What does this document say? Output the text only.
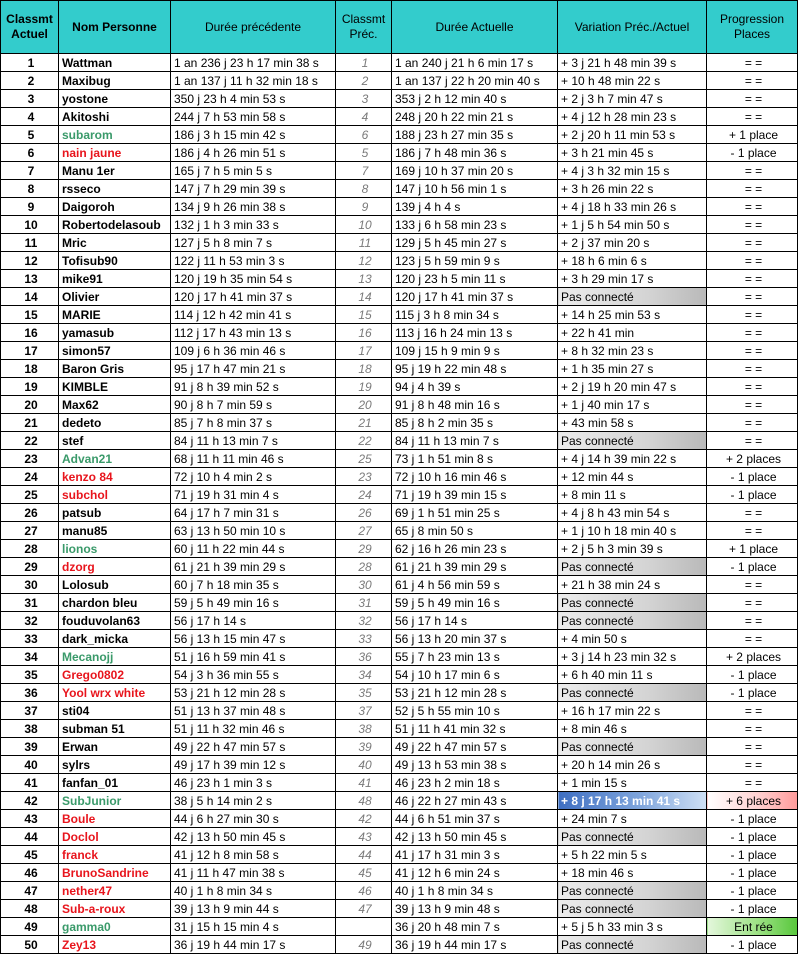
Classmt Actuel	Nom Personne	Durée précédente	Classmt Préc.	Durée Actuelle	Variation Préc./Actuel	Progression Places
1	Wattman	1 an 236 j 23 h 17 min 38 s	1	1 an 240 j 21 h 6 min 17 s	+ 3 j 21 h 48 min 39 s	= =
2	Maxibug	1 an 137 j 11 h 32 min 18 s	2	1 an 137 j 22 h 20 min 40 s	+ 10 h 48 min 22 s	= =
3	yostone	350 j 23 h 4 min 53 s	3	353 j 2 h 12 min 40 s	+ 2 j 3 h 7 min 47 s	= =
4	Akitoshi	244 j 7 h 53 min 58 s	4	248 j 20 h 22 min 21 s	+ 4 j 12 h 28 min 23 s	= =
5	subarom	186 j 3 h 15 min 42 s	6	188 j 23 h 27 min 35 s	+ 2 j 20 h 11 min 53 s	+ 1 place
6	nain jaune	186 j 4 h 26 min 51 s	5	186 j 7 h 48 min 36 s	+ 3 h 21 min 45 s	- 1 place
7	Manu 1er	165 j 7 h 5 min 5 s	7	169 j 10 h 37 min 20 s	+ 4 j 3 h 32 min 15 s	= =
8	rsseco	147 j 7 h 29 min 39 s	8	147 j 10 h 56 min 1 s	+ 3 h 26 min 22 s	= =
9	Daigoroh	134 j 9 h 26 min 38 s	9	139 j 4 h 4 s	+ 4 j 18 h 33 min 26 s	= =
10	Robertodelasoub	132 j 1 h 3 min 33 s	10	133 j 6 h 58 min 23 s	+ 1 j 5 h 54 min 50 s	= =
11	Mric	127 j 5 h 8 min 7 s	11	129 j 5 h 45 min 27 s	+ 2 j 37 min 20 s	= =
12	Tofisub90	122 j 11 h 53 min 3 s	12	123 j 5 h 59 min 9 s	+ 18 h 6 min 6 s	= =
13	mike91	120 j 19 h 35 min 54 s	13	120 j 23 h 5 min 11 s	+ 3 h 29 min 17 s	= =
14	Olivier	120 j 17 h 41 min 37 s	14	120 j 17 h 41 min 37 s	Pas connecté	= =
15	MARIE	114 j 12 h 42 min 41 s	15	115 j 3 h 8 min 34 s	+ 14 h 25 min 53 s	= =
16	yamasub	112 j 17 h 43 min 13 s	16	113 j 16 h 24 min 13 s	+ 22 h 41 min	= =
17	simon57	109 j 6 h 36 min 46 s	17	109 j 15 h 9 min 9 s	+ 8 h 32 min 23 s	= =
18	Baron Gris	95 j 17 h 47 min 21 s	18	95 j 19 h 22 min 48 s	+ 1 h 35 min 27 s	= =
19	KIMBLE	91 j 8 h 39 min 52 s	19	94 j 4 h 39 s	+ 2 j 19 h 20 min 47 s	= =
20	Max62	90 j 8 h 7 min 59 s	20	91 j 8 h 48 min 16 s	+ 1 j 40 min 17 s	= =
21	dedeto	85 j 7 h 8 min 37 s	21	85 j 8 h 2 min 35 s	+ 43 min 58 s	= =
22	stef	84 j 11 h 13 min 7 s	22	84 j 11 h 13 min 7 s	Pas connecté	= =
23	Advan21	68 j 11 h 11 min 46 s	25	73 j 1 h 51 min 8 s	+ 4 j 14 h 39 min 22 s	+ 2 places
24	kenzo 84	72 j 10 h 4 min 2 s	23	72 j 10 h 16 min 46 s	+ 12 min 44 s	- 1 place
25	subchol	71 j 19 h 31 min 4 s	24	71 j 19 h 39 min 15 s	+ 8 min 11 s	- 1 place
26	patsub	64 j 17 h 7 min 31 s	26	69 j 1 h 51 min 25 s	+ 4 j 8 h 43 min 54 s	= =
27	manu85	63 j 13 h 50 min 10 s	27	65 j 8 min 50 s	+ 1 j 10 h 18 min 40 s	= =
28	lionos	60 j 11 h 22 min 44 s	29	62 j 16 h 26 min 23 s	+ 2 j 5 h 3 min 39 s	+ 1 place
29	dzorg	61 j 21 h 39 min 29 s	28	61 j 21 h 39 min 29 s	Pas connecté	- 1 place
30	Lolosub	60 j 7 h 18 min 35 s	30	61 j 4 h 56 min 59 s	+ 21 h 38 min 24 s	= =
31	chardon bleu	59 j 5 h 49 min 16 s	31	59 j 5 h 49 min 16 s	Pas connecté	= =
32	fouduvolan63	56 j 17 h 14 s	32	56 j 17 h 14 s	Pas connecté	= =
33	dark_micka	56 j 13 h 15 min 47 s	33	56 j 13 h 20 min 37 s	+ 4 min 50 s	= =
34	Mecanojj	51 j 16 h 59 min 41 s	36	55 j 7 h 23 min 13 s	+ 3 j 14 h 23 min 32 s	+ 2 places
35	Grego0802	54 j 3 h 36 min 55 s	34	54 j 10 h 17 min 6 s	+ 6 h 40 min 11 s	- 1 place
36	Yool wrx white	53 j 21 h 12 min 28 s	35	53 j 21 h 12 min 28 s	Pas connecté	- 1 place
37	sti04	51 j 13 h 37 min 48 s	37	52 j 5 h 55 min 10 s	+ 16 h 17 min 22 s	= =
38	subman 51	51 j 11 h 32 min 46 s	38	51 j 11 h 41 min 32 s	+ 8 min 46 s	= =
39	Erwan	49 j 22 h 47 min 57 s	39	49 j 22 h 47 min 57 s	Pas connecté	= =
40	sylrs	49 j 17 h 39 min 12 s	40	49 j 13 h 53 min 38 s	+ 20 h 14 min 26 s	= =
41	fanfan_01	46 j 23 h 1 min 3 s	41	46 j 23 h 2 min 18 s	+ 1 min 15 s	= =
42	SubJunior	38 j 5 h 14 min 2 s	48	46 j 22 h 27 min 43 s	+ 8 j 17 h 13 min 41 s	+ 6 places
43	Boule	44 j 6 h 27 min 30 s	42	44 j 6 h 51 min 37 s	+ 24 min 7 s	- 1 place
44	Doclol	42 j 13 h 50 min 45 s	43	42 j 13 h 50 min 45 s	Pas connecté	- 1 place
45	franck	41 j 12 h 8 min 58 s	44	41 j 17 h 31 min 3 s	+ 5 h 22 min 5 s	- 1 place
46	BrunoSandrine	41 j 11 h 47 min 38 s	45	41 j 12 h 6 min 24 s	+ 18 min 46 s	- 1 place
47	nether47	40 j 1 h 8 min 34 s	46	40 j 1 h 8 min 34 s	Pas connecté	- 1 place
48	Sub-a-roux	39 j 13 h 9 min 44 s	47	39 j 13 h 9 min 48 s	Pas connecté	- 1 place
49	gamma0	31 j 15 h 15 min 4 s		36 j 20 h 48 min 7 s	+ 5 j 5 h 33 min 3 s	Ent rée
50	Zey13	36 j 19 h 44 min 17 s	49	36 j 19 h 44 min 17 s	Pas connecté	- 1 place
